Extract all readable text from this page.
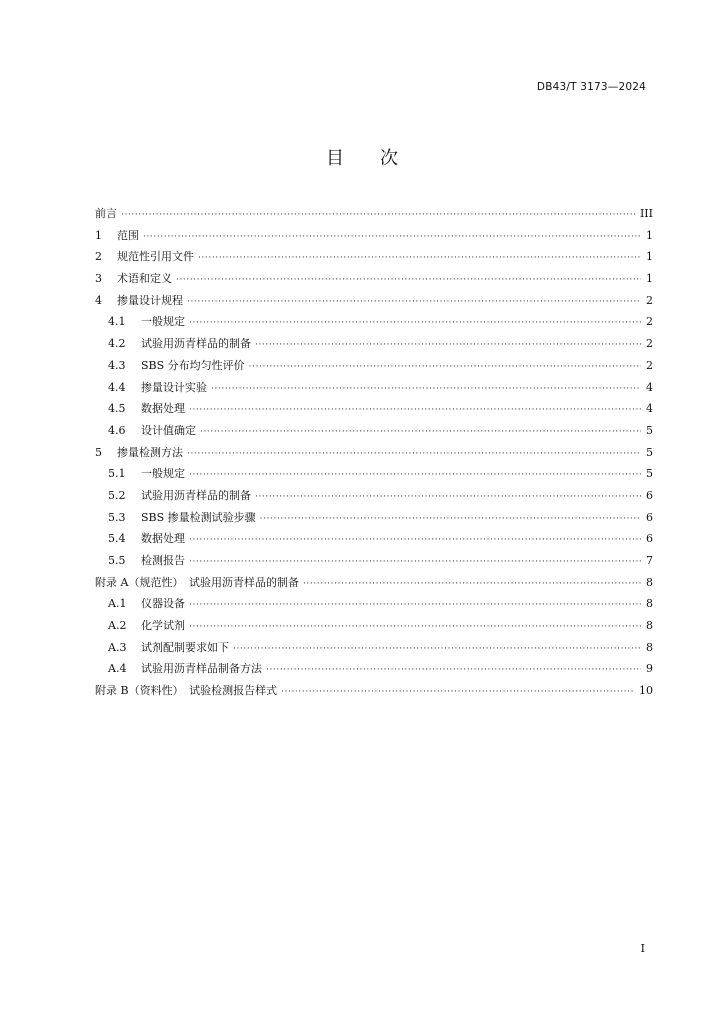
DB43/T 3173—2024
目 次
前言 ·····	III
1	范围 ·····	1
2	规范性引用文件 ·····	1
3	术语和定义 ·····	1
4	掺量设计规程 ·····	2
4.1	一般规定 ·····	2
4.2	试验用沥青样品的制备 ·····	2
4.3	SBS 分布均匀性评价 ·····	2
4.4	掺量设计实验 ·····	4
4.5	数据处理 ·····	4
4.6	设计值确定 ·····	5
5	掺量检测方法 ·····	5
5.1	一般规定 ·····	5
5.2	试验用沥青样品的制备 ·····	6
5.3	SBS 掺量检测试验步骤 ·····	6
5.4	数据处理 ·····	6
5.5	检测报告 ·····	7
附录 A（规范性）　试验用沥青样品的制备 ·····	8
A.1	仪器设备 ·····	8
A.2	化学试剂 ·····	8
A.3	试剂配制要求如下 ·····	8
A.4	试验用沥青样品制备方法 ·····	9
附录 B（资料性）　试验检测报告样式 ·····	10
I
